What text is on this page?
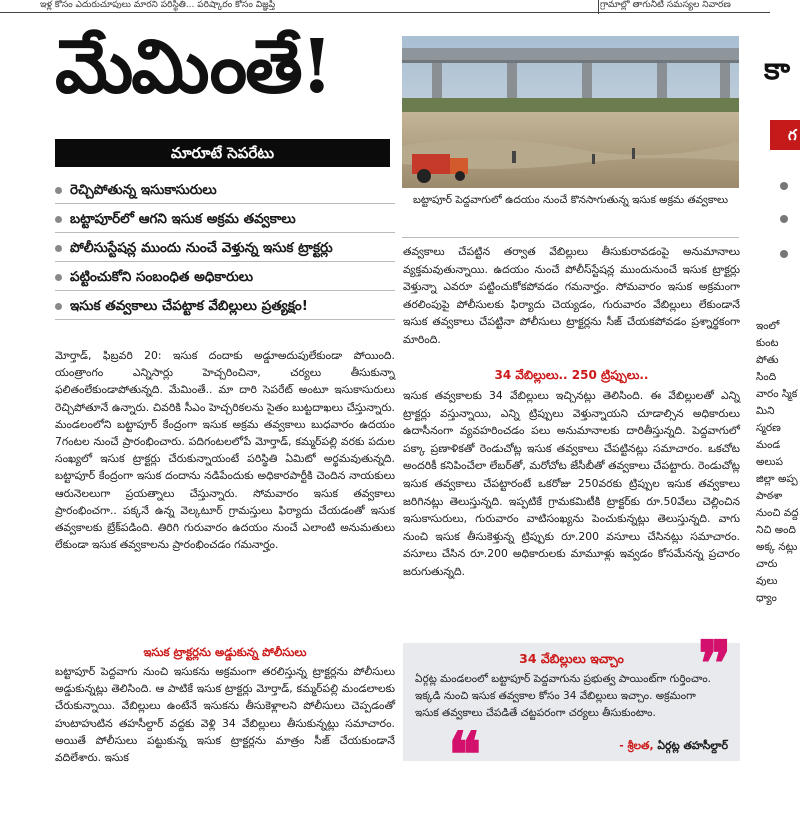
ఇళ్ల కోసం ఎదురుచూపులు మారని పరిస్థితి... పరిష్కారం కోసం విజ్ఞప్తి	గ్రామాల్లో తాగునీటి సమస్యల నివారణ
మేమింతే!
మారూటే సెపరేటు
రెచ్చిపోతున్న ఇసుకాసురులు
బట్టాపూర్‌లో ఆగని ఇసుక అక్రమ తవ్వకాలు
పోలీసుస్టేషన్ల ముందు నుంచే వెళ్తున్న ఇసుక ట్రాక్టర్లు
పట్టించుకోని సంబంధిత అధికారులు
ఇసుక తవ్వకాలు చేపట్టాక వేబిల్లులు ప్రత్యక్షం!
మోర్తాడ్‌, ఫిబ్రవరి 20: ఇసుక దందాకు అడ్డూఅదుపులేకుండా పోయింది. యంత్రాంగం ఎన్నిసార్లు హెచ్చరించినా, చర్యలు తీసుకున్నా ఫలితంలేకుండాపోతున్నది. మేమింతే.. మా దారి సెపరేట్‌ అంటూ ఇసుకాసురులు రెచ్చిపోతూనే ఉన్నారు. చివరికి సీఎం హెచ్చరికలను సైతం బుట్టదాఖలు చేస్తున్నారు. మండలంలోని బట్టాపూర్‌ కేంద్రంగా ఇసుక అక్రమ తవ్వకాలు బుధవారం ఉదయం 7గంటల నుంచే ప్రారంభించారు. పదిగంటలలోపే మోర్తాడ్‌, కమ్మర్‌పల్లి వరకు పదుల సంఖ్యలో ఇసుక ట్రాక్టర్లు చేరుకున్నాయంటే పరిస్థితి ఏమిటో అర్థమవుతున్నది. బట్టాపూర్‌ కేంద్రంగా ఇసుక దందాను నడిపేందుకు అధికారపార్టీకి చెందిన నాయకులు ఆరునెలలుగా ప్రయత్నాలు చేస్తున్నారు. సోమవారం ఇసుక తవ్వకాలు ప్రారంభించగా.. పక్కనే ఉన్న వెల్కటూర్‌ గ్రామస్తులు ఫిర్యాదు చేయడంతో ఇసుక తవ్వకాలకు బ్రేక్‌పడింది. తిరిగి గురువారం ఉదయం నుంచే ఎలాంటి అనుమతులు లేకుండా ఇసుక తవ్వకాలను ప్రారంభించడం గమనార్హం.
ఇసుక ట్రాక్టర్లను అడ్డుకున్న పోలీసులు
బట్టాపూర్‌ పెద్దవాగు నుంచి ఇసుకను అక్రమంగా తరలిస్తున్న ట్రాక్టర్లను పోలీసులు అడ్డుకున్నట్లు తెలిసింది. ఆ పాటికే ఇసుక ట్రాక్టర్లు మోర్తాడ్‌, కమ్మర్‌పల్లి మండలాలకు చేరుకున్నాయి. వేబిల్లులు ఉంటేనే ఇసుకను తీసుకెళ్లాలని పోలీసులు చెప్పడంతో హుటాహుటిన తహసీల్దార్‌ వద్దకు వెళ్లి 34 వేబిల్లులు తీసుకున్నట్లు సమాచారం. అయితే పోలీసులు పట్టుకున్న ఇసుక ట్రాక్టర్లను మాత్రం సీజ్‌ చేయకుండానే వదిలేశారు. ఇసుక
బట్టాపూర్‌ పెద్దవాగులో ఉదయం నుంచే కొనసాగుతున్న ఇసుక అక్రమ తవ్వకాలు
తవ్వకాలు చేపట్టిన తర్వాత వేబిల్లులు తీసుకురావడంపై అనుమానాలు వ్యక్తమవుతున్నాయి. ఉదయం నుంచే పోలీస్‌స్టేషన్ల ముందునుంచే ఇసుక ట్రాక్టర్లు వెళ్తున్నా ఎవరూ పట్టించుకోకపోవడం గమనార్హం. సోమవారం ఇసుక అక్రమంగా తరలింపుపై పోలీసులకు ఫిర్యాదు చెయ్యడం, గురువారం వేబిల్లులు లేకుండానే ఇసుక తవ్వకాలు చేపట్టినా పోలీసులు ట్రాక్టర్లను సీజ్‌ చేయకపోవడం ప్రశ్నార్థకంగా మారింది.
34 వేబిల్లులు.. 250 ట్రిప్పులు..
ఇసుక తవ్వకాలకు 34 వేబిల్లులు ఇచ్చినట్లు తెలిసింది. ఈ వేబిల్లులతో ఎన్ని ట్రాక్టర్లు వస్తున్నాయి, ఎన్ని ట్రిప్పులు వెళ్తున్నాయని చూడాల్సిన అధికారులు ఉదాసీనంగా వ్యవహరించడం పలు అనుమానాలకు దారితీస్తున్నది. పెద్దవాగులో పక్కా ప్రణాళికతో రెండుచోట్ల ఇసుక తవ్వకాలు చేపట్టినట్లు సమాచారం. ఒకచోట అందరికీ కనిపించేలా లేబర్‌తో, మరోచోట జేసీబీతో తవ్వకాలు చేపట్టారు. రెండుచోట్ల ఇసుక తవ్వకాలు చేపట్టారంటే ఒకరోజు 250వరకు ట్రిప్పుల ఇసుక తవ్వకాలు జరిగినట్లు తెలుస్తున్నది. ఇప్పటికే గ్రామకమిటీకి ట్రాక్టర్‌కు రూ.50వేలు చెల్లించిన ఇసుకాసురులు, గురువారం వాటిసంఖ్యను పెంచుకున్నట్లు తెలుస్తున్నది. వాగు నుంచి ఇసుక తీసుకెళ్తున్న ట్రిప్పుకు రూ.200 వసూలు చేసినట్లు సమాచారం. వసూలు చేసిన రూ.200 అధికారులకు మామూళ్లు ఇవ్వడం కోసమేనన్న ప్రచారం జరుగుతున్నది.
34 వేబిల్లులు ఇచ్చాం
ఏర్గట్ల మండలంలో బట్టాపూర్‌ పెద్దవాగును ప్రభుత్వ పాయింట్‌గా గుర్తించాం. ఇక్కడి నుంచి ఇసుక తవ్వకాల కోసం 34 వేబిల్లులు ఇచ్చాం. అక్రమంగా ఇసుక తవ్వకాలు చేపడితే చట్టపరంగా చర్యలు తీసుకుంటాం.
- శ్రీలత, ఏర్గట్ల తహసీల్దార్‌
❞
❝
కా
గ
ఇంలో కుంట పోతు సింది వారం స్మిక మిని స్మరణ మండ అలుప జిల్లా అప్ప పాఠశా నుంచి వద్ద నిచి అంది అక్క నట్లు చారు వులు ధ్యాం
